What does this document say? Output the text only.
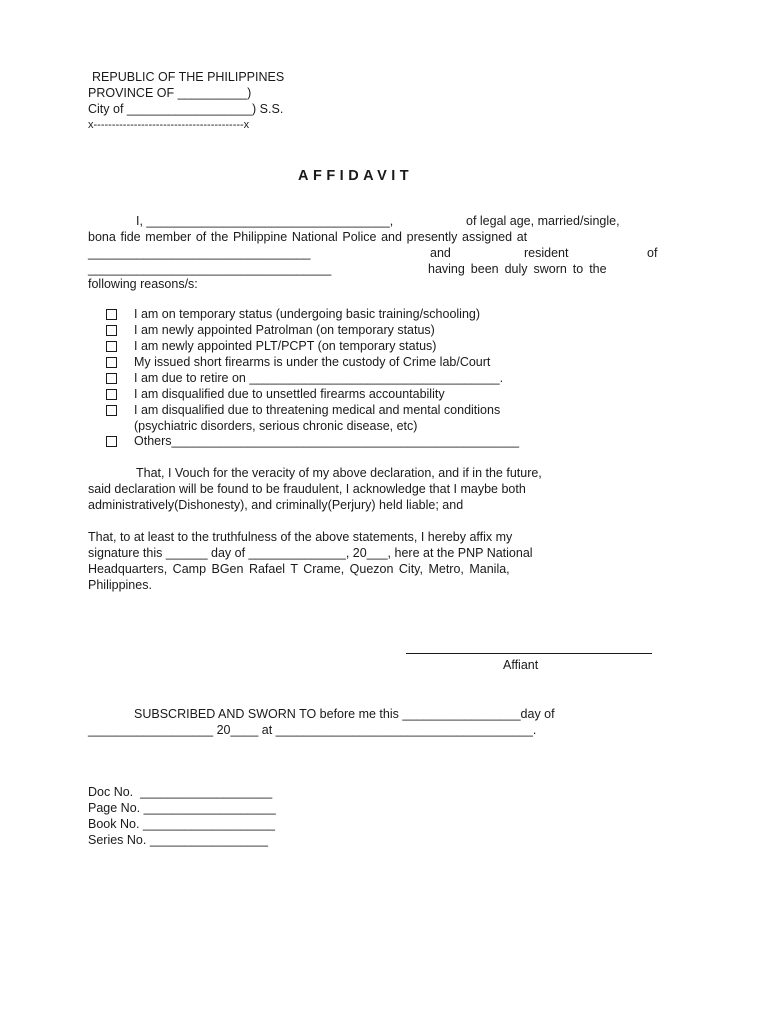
REPUBLIC OF THE PHILIPPINES
PROVINCE OF __________)
City of __________________) S.S.
x-----------------------------------------x
AFFIDAVIT
I, ___________________________________,	of legal age, married/single,
bona fide member of the Philippine National Police and presently assigned at
________________________________	and	resident	of
___________________________________	having been duly sworn to the
following reasons/s:
I am on temporary status (undergoing basic training/schooling)
I am newly appointed Patrolman (on temporary status)
I am newly appointed PLT/PCPT (on temporary status)
My issued short firearms is under the custody of Crime lab/Court
I am due to retire on ____________________________________.
I am disqualified due to unsettled firearms accountability
I am disqualified due to threatening medical and mental conditions
(psychiatric disorders, serious chronic disease, etc)
Others__________________________________________________
That, I Vouch for the veracity of my above declaration, and if in the future,
said declaration will be found to be fraudulent, I acknowledge that I maybe both
administratively(Dishonesty), and criminally(Perjury) held liable; and
That, to at least to the truthfulness of the above statements, I hereby affix my
signature this ______ day of ______________, 20___, here at the PNP National
Headquarters, Camp BGen Rafael T Crame, Quezon City, Metro, Manila,
Philippines.
Affiant
SUBSCRIBED AND SWORN TO before me this _________________day of
__________________ 20____ at _____________________________________.
Doc No.  ___________________
Page No. ___________________
Book No. ___________________
Series No. _________________
